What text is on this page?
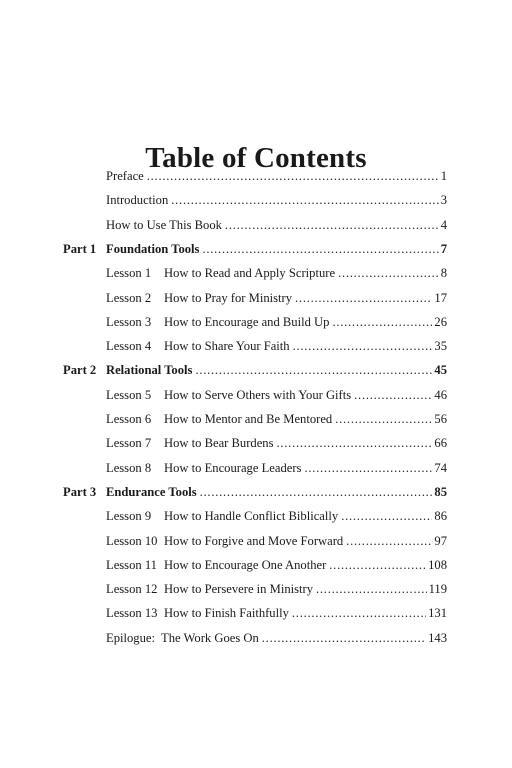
Table of Contents
Preface . . .	1
Introduction . . .	3
How to Use This Book . . .	4
Part 1 Foundation Tools . . .	7
Lesson 1	How to Read and Apply Scripture . . .	8
Lesson 2	How to Pray for Ministry . . .	17
Lesson 3	How to Encourage and Build Up . . .	26
Lesson 4	How to Share Your Faith . . .	35
Part 2 Relational Tools . . .	45
Lesson 5	How to Serve Others with Your Gifts . . .	46
Lesson 6	How to Mentor and Be Mentored . . .	56
Lesson 7	How to Bear Burdens . . .	66
Lesson 8	How to Encourage Leaders . . .	74
Part 3 Endurance Tools . . .	85
Lesson 9	How to Handle Conflict Biblically . . .	86
Lesson 10 How to Forgive and Move Forward . . .	97
Lesson 11 How to Encourage One Another . . .	108
Lesson 12 How to Persevere in Ministry . . .	119
Lesson 13 How to Finish Faithfully . . .	131
Epilogue:  The Work Goes On . . .	143
